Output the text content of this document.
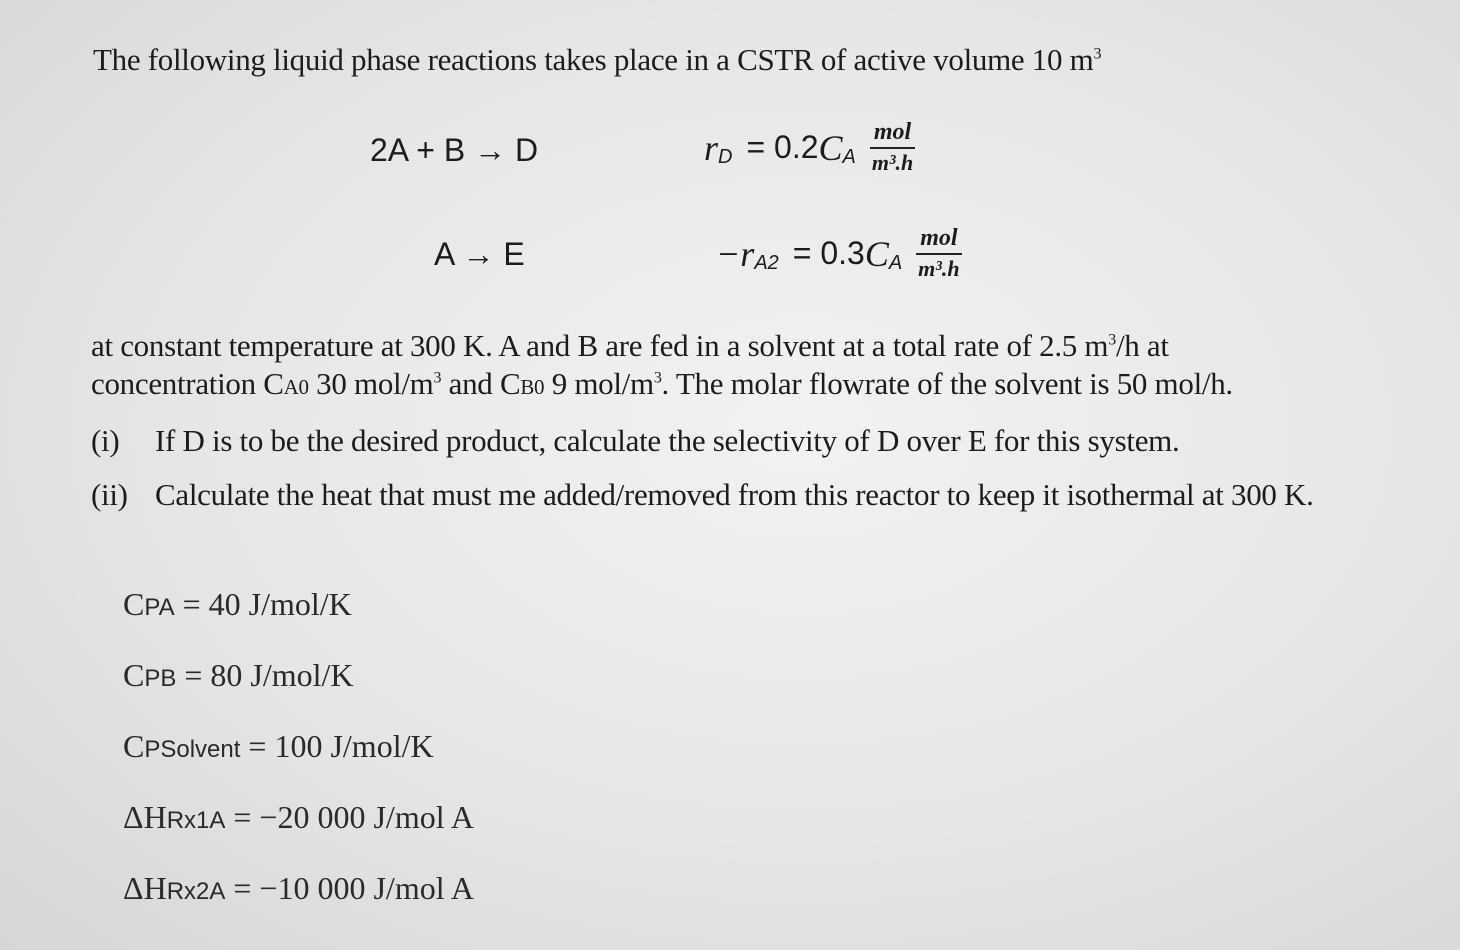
The following liquid phase reactions takes place in a CSTR of active volume 10 $m^3$
2A + B → D	r D = 0.2 C A $\frac{\text{mol}}{\text{m³.h}}$
A → E	−r A2 = 0.3 C A $\frac{\text{mol}}{\text{m³.h}}$
at constant temperature at 300 K. A and B are fed in a solvent at a total rate of 2.5 $m^3/h$ at
concentration CA0 30 mol/$m^3$ and CB0 9 mol/$m^3$. The molar flowrate of the solvent is 50 mol/h.
(i) If D is to be the desired product, calculate the selectivity of D over E for this system.
(ii) Calculate the heat that must me added/removed from this reactor to keep it isothermal at 300 K.
CPA = 40 J/mol/K
CPB = 80 J/mol/K
CPSolvent = 100 J/mol/K
ΔHRx1A = −20 000 J/mol A
ΔHRx2A = −10 000 J/mol A
